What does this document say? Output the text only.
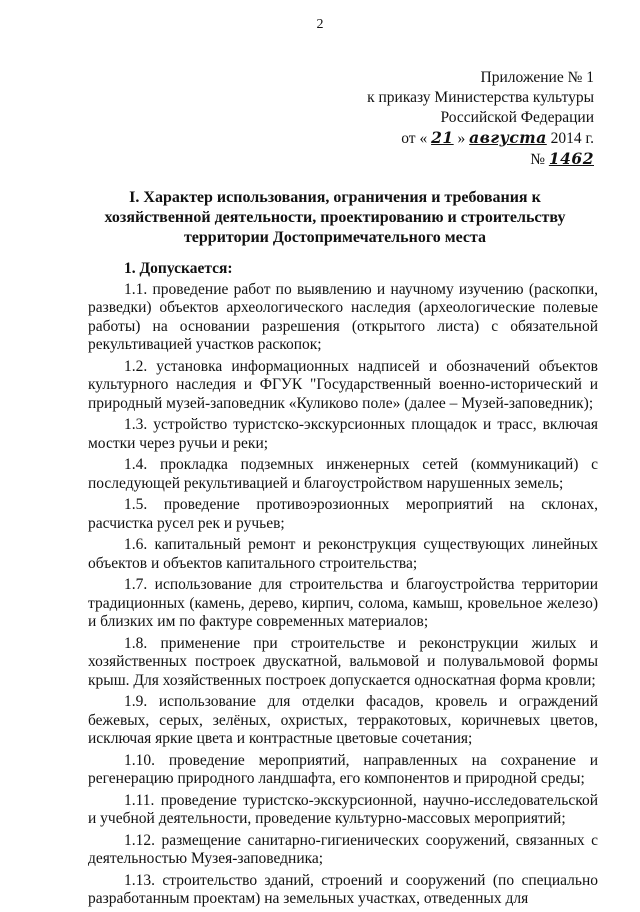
2
Приложение № 1
к приказу Министерства культуры
Российской Федерации
от « 21 » августа 2014 г.
№ 1462
I. Характер использования, ограничения и требования к хозяйственной деятельности, проектированию и строительству территории Достопримечательного места

1. Допускается:

1.1. проведение работ по выявлению и научному изучению (раскопки, разведки) объектов археологического наследия (археологические полевые работы) на основании разрешения (открытого листа) с обязательной рекультивацией участков раскопок;

1.2. установка информационных надписей и обозначений объектов культурного наследия и ФГУК "Государственный военно-исторический и природный музей-заповедник «Куликово поле» (далее – Музей-заповедник);

1.3. устройство туристско-экскурсионных площадок и трасс, включая мостки через ручьи и реки;

1.4. прокладка подземных инженерных сетей (коммуникаций) с последующей рекультивацией и благоустройством нарушенных земель;

1.5. проведение противоэрозионных мероприятий на склонах, расчистка русел рек и ручьев;

1.6. капитальный ремонт и реконструкция существующих линейных объектов и объектов капитального строительства;

1.7. использование для строительства и благоустройства территории традиционных (камень, дерево, кирпич, солома, камыш, кровельное железо) и близких им по фактуре современных материалов;

1.8. применение при строительстве и реконструкции жилых и хозяйственных построек двускатной, вальмовой и полувальмовой формы крыш. Для хозяйственных построек допускается односкатная форма кровли;

1.9. использование для отделки фасадов, кровель и ограждений бежевых, серых, зелёных, охристых, терракотовых, коричневых цветов, исключая яркие цвета и контрастные цветовые сочетания;

1.10. проведение мероприятий, направленных на сохранение и регенерацию природного ландшафта, его компонентов и природной среды;

1.11. проведение туристско-экскурсионной, научно-исследовательской и учебной деятельности, проведение культурно-массовых мероприятий;

1.12. размещение санитарно-гигиенических сооружений, связанных с деятельностью Музея-заповедника;

1.13. строительство зданий, строений и сооружений (по специально разработанным проектам) на земельных участках, отведенных для
